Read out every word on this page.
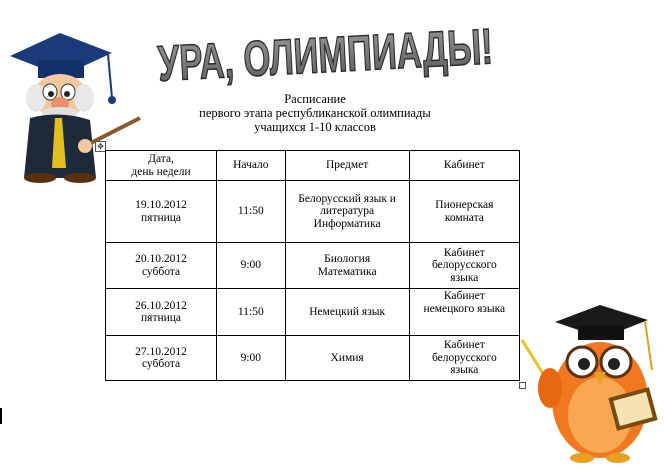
УРА, ОЛИМПИАДЫ!
Расписание
первого этапа республиканской олимпиады
учащихся 1-10 классов
✥
Дата,
день недели	Начало	Предмет	Кабинет

19.10.2012
пятница	11:50	Белорусский язык и
литература
Информатика	Пионерская
комната

20.10.2012
суббота	9:00	Биология
Математика	Кабинет
белорусского
языка

26.10.2012
пятница	11:50	Немецкий язык	Кабинет
немецкого языка

27.10.2012
суббота	9:00	Химия	Кабинет
белорусского
языка
